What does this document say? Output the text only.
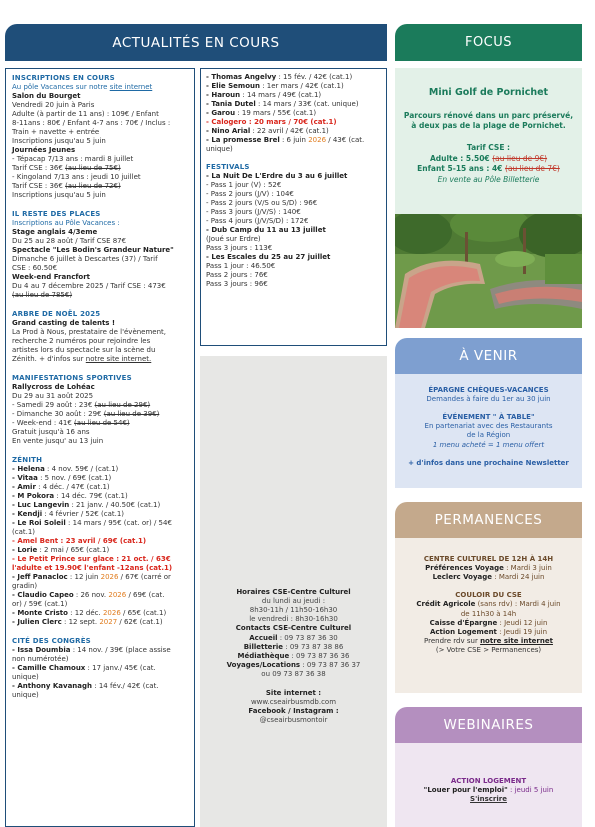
ACTUALITÉS EN COURS	FOCUS
INSCRIPTIONS EN COURS
Au pôle Vacances sur notre site internet
Salon du Bourget
Vendredi 20 juin à Paris
Adulte (à partir de 11 ans) : 109€ / Enfant
8-11ans : 80€ / Enfant 4-7 ans : 70€ / Inclus :
Train + navette + entrée
Inscriptions jusqu'au 5 juin
Journées Jeunes
- Tépacap 7/13 ans : mardi 8 juillet
Tarif CSE : 36€ (au lieu de 75€)
- Kingoland 7/13 ans : jeudi 10 juillet
Tarif CSE : 36€ (au lieu de 72€)
Inscriptions jusqu'au 5 juin
IL RESTE DES PLACES
Inscriptions au Pôle Vacances :
Stage anglais 4/3eme
Du 25 au 28 août / Tarif CSE 87€
Spectacle "Les Bodin's Grandeur Nature"
Dimanche 6 juillet à Descartes (37) / Tarif
CSE : 60.50€
Week-end Francfort
Du 4 au 7 décembre 2025 / Tarif CSE : 473€
(au lieu de 785€)
ARBRE DE NOËL 2025
Grand casting de talents !
La Prod à Nous, prestataire de l'évènement,
recherche 2 numéros pour rejoindre les
artistes lors du spectacle sur la scène du
Zénith. + d'infos sur notre site internet.
MANIFESTATIONS SPORTIVES
Rallycross de Lohéac
Du 29 au 31 août 2025
- Samedi 29 août : 23€ (au lieu de 29€)
- Dimanche 30 août : 29€ (au lieu de 39€)
- Week-end : 41€ (au lieu de 54€)
Gratuit jusqu'à 16 ans
En vente jusqu' au 13 juin
ZÉNITH
- Helena : 4 nov. 59€ / (cat.1)
- Vitaa : 5 nov. / 69€ (cat.1)
- Amir : 4 déc. / 47€ (cat.1)
- M Pokora : 14 déc. 79€ (cat.1)
- Luc Langevin : 21 janv. / 40.50€ (cat.1)
- Kendji : 4 février / 52€ (cat.1)
- Le Roi Soleil : 14 mars / 95€ (cat. or) / 54€
(cat.1)
- Amel Bent : 23 avril / 69€ (cat.1)
- Lorie : 2 mai / 65€ (cat.1)
- Le Petit Prince sur glace : 21 oct. / 63€
l'adulte et 19.90€ l'enfant -12ans (cat.1)
- Jeff Panacloc : 12 juin 2026 / 67€ (carré or
gradin)
- Claudio Capeo : 26 nov. 2026 / 69€ (cat.
or) / 59€ (cat.1)
- Monte Cristo : 12 déc. 2026 / 65€ (cat.1)
- Julien Clerc : 12 sept. 2027 / 62€ (cat.1)
CITÉ DES CONGRÈS
- Issa Doumbia : 14 nov. / 39€ (place assise
non numérotée)
- Camille Chamoux : 17 janv./ 45€ (cat.
unique)
- Anthony Kavanagh : 14 fév./ 42€ (cat.
unique)
- Thomas Angelvy : 15 fév. / 42€ (cat.1)
- Elie Semoun : 1er mars / 42€ (cat.1)
- Haroun : 14 mars / 49€ (cat.1)
- Tania Dutel : 14 mars / 33€ (cat. unique)
- Garou : 19 mars / 55€ (cat.1)
- Calogero : 20 mars / 70€ (cat.1)
- Nino Arial : 22 avril / 42€ (cat.1)
- La promesse Brel : 6 juin 2026 / 43€ (cat.
unique)
FESTIVALS
- La Nuit De L'Erdre du 3 au 6 juillet
- Pass 1 jour (V) : 52€
- Pass 2 jours (J/V) : 104€
- Pass 2 jours (V/S ou S/D) : 96€
- Pass 3 jours (J/V/S) : 140€
- Pass 4 jours (J/V/S/D) : 172€
- Dub Camp du 11 au 13 juillet
(Joué sur Erdre)
Pass 3 jours : 113€
- Les Escales du 25 au 27 juillet
Pass 1 jour : 46.50€
Pass 2 jours : 76€
Pass 3 jours : 96€
Horaires CSE-Centre Culturel
du lundi au jeudi :
8h30-11h / 11h50-16h30
le vendredi : 8h30-16h30
Contacts CSE-Centre Culturel
Accueil : 09 73 87 36 30
Billetterie : 09 73 87 38 86
Médiathèque : 09 73 87 36 36
Voyages/Locations : 09 73 87 36 37
ou 09 73 87 36 38
Site internet :
www.cseairbusmdb.com
Facebook / Instagram :
@cseairbusmontoir
Mini Golf de Pornichet
Parcours rénové dans un parc préservé,
à deux pas de la plage de Pornichet.
Tarif CSE :
Adulte : 5.50€ (au lieu de 9€)
Enfant 5-15 ans : 4€ (au lieu de 7€)
En vente au Pôle Billetterie
À VENIR
ÉPARGNE CHÈQUES-VACANCES
Demandes à faire du 1er au 30 juin
ÉVÉNEMENT " À TABLE"
En partenariat avec des Restaurants
de la Région
1 menu acheté = 1 menu offert
+ d'infos dans une prochaine Newsletter
PERMANENCES
CENTRE CULTUREL DE 12H À 14H
Préférences Voyage : Mardi 3 juin
Leclerc Voyage : Mardi 24 juin
COULOIR DU CSE
Crédit Agricole (sans rdv) : Mardi 4 juin
de 11h30 à 14h
Caisse d'Épargne : Jeudi 12 juin
Action Logement : Jeudi 19 juin
Prendre rdv sur notre site internet
(> Votre CSE > Permanences)
WEBINAIRES
ACTION LOGEMENT
"Louer pour l'emploi" : jeudi 5 juin
S'inscrire
